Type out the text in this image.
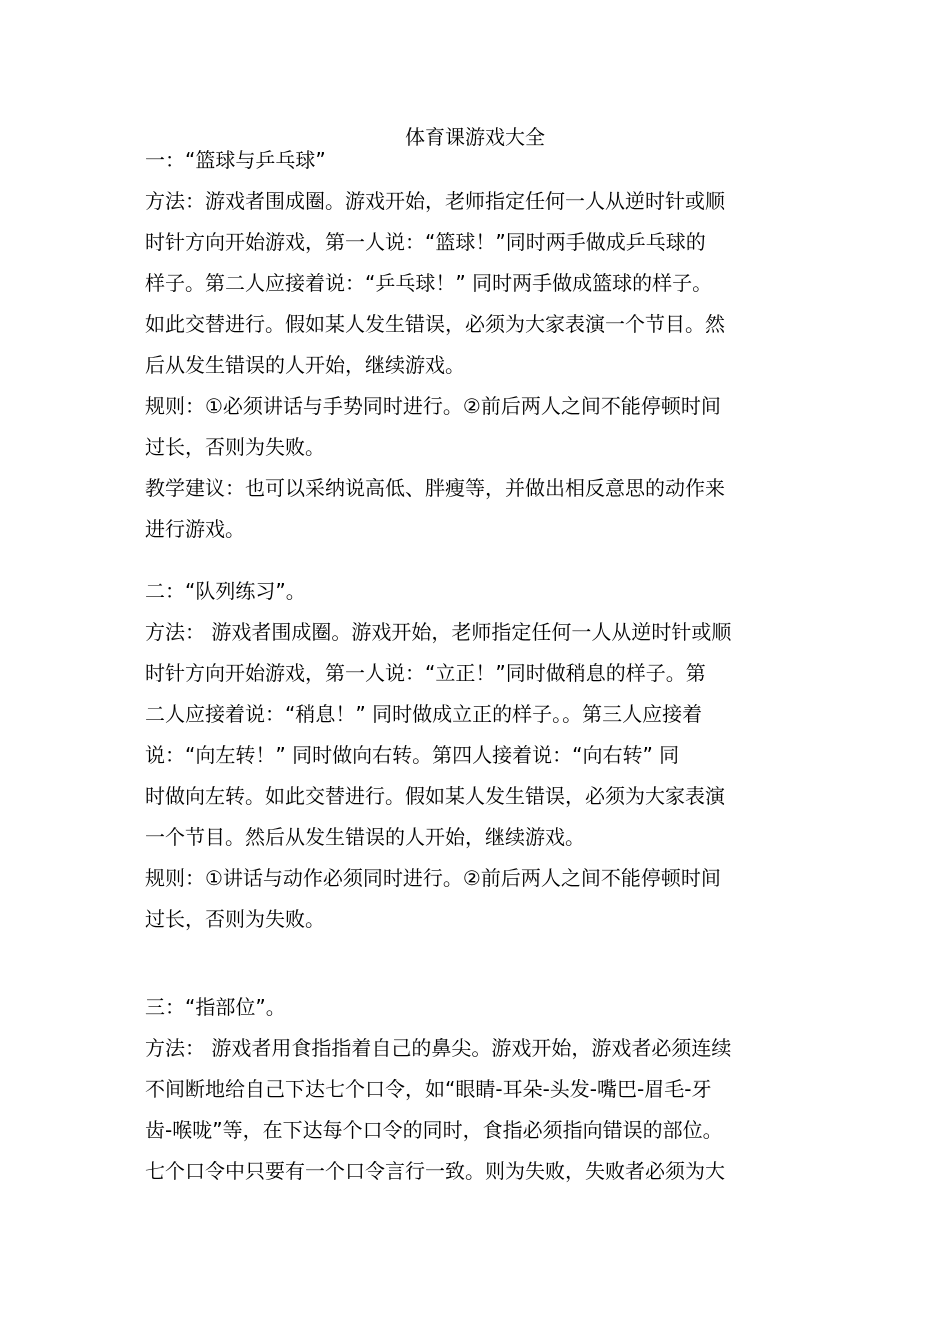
体育课游戏大全
一：“篮球与乒乓球”
方法：游戏者围成圈。游戏开始，老师指定任何一人从逆时针或顺
时针方向开始游戏，第一人说：“篮球！”同时两手做成乒乓球的
样子。第二人应接着说：“乒乓球！” 同时两手做成篮球的样子。
如此交替进行。假如某人发生错误，必须为大家表演一个节目。然
后从发生错误的人开始，继续游戏。
规则：①必须讲话与手势同时进行。②前后两人之间不能停顿时间
过长，否则为失败。
教学建议：也可以采纳说高低、胖瘦等，并做出相反意思的动作来
进行游戏。
二：“队列练习”。
方法： 游戏者围成圈。游戏开始，老师指定任何一人从逆时针或顺
时针方向开始游戏，第一人说：“立正！”同时做稍息的样子。第
二人应接着说：“稍息！” 同时做成立正的样子。。第三人应接着
说：“向左转！” 同时做向右转。第四人接着说：“向右转” 同
时做向左转。如此交替进行。假如某人发生错误，必须为大家表演
一个节目。然后从发生错误的人开始，继续游戏。
规则：①讲话与动作必须同时进行。②前后两人之间不能停顿时间
过长，否则为失败。
三：“指部位”。
方法： 游戏者用食指指着自己的鼻尖。游戏开始，游戏者必须连续
不间断地给自己下达七个口令，如“眼睛-耳朵-头发-嘴巴-眉毛-牙
齿-喉咙”等，在下达每个口令的同时，食指必须指向错误的部位。
七个口令中只要有一个口令言行一致。则为失败，失败者必须为大
